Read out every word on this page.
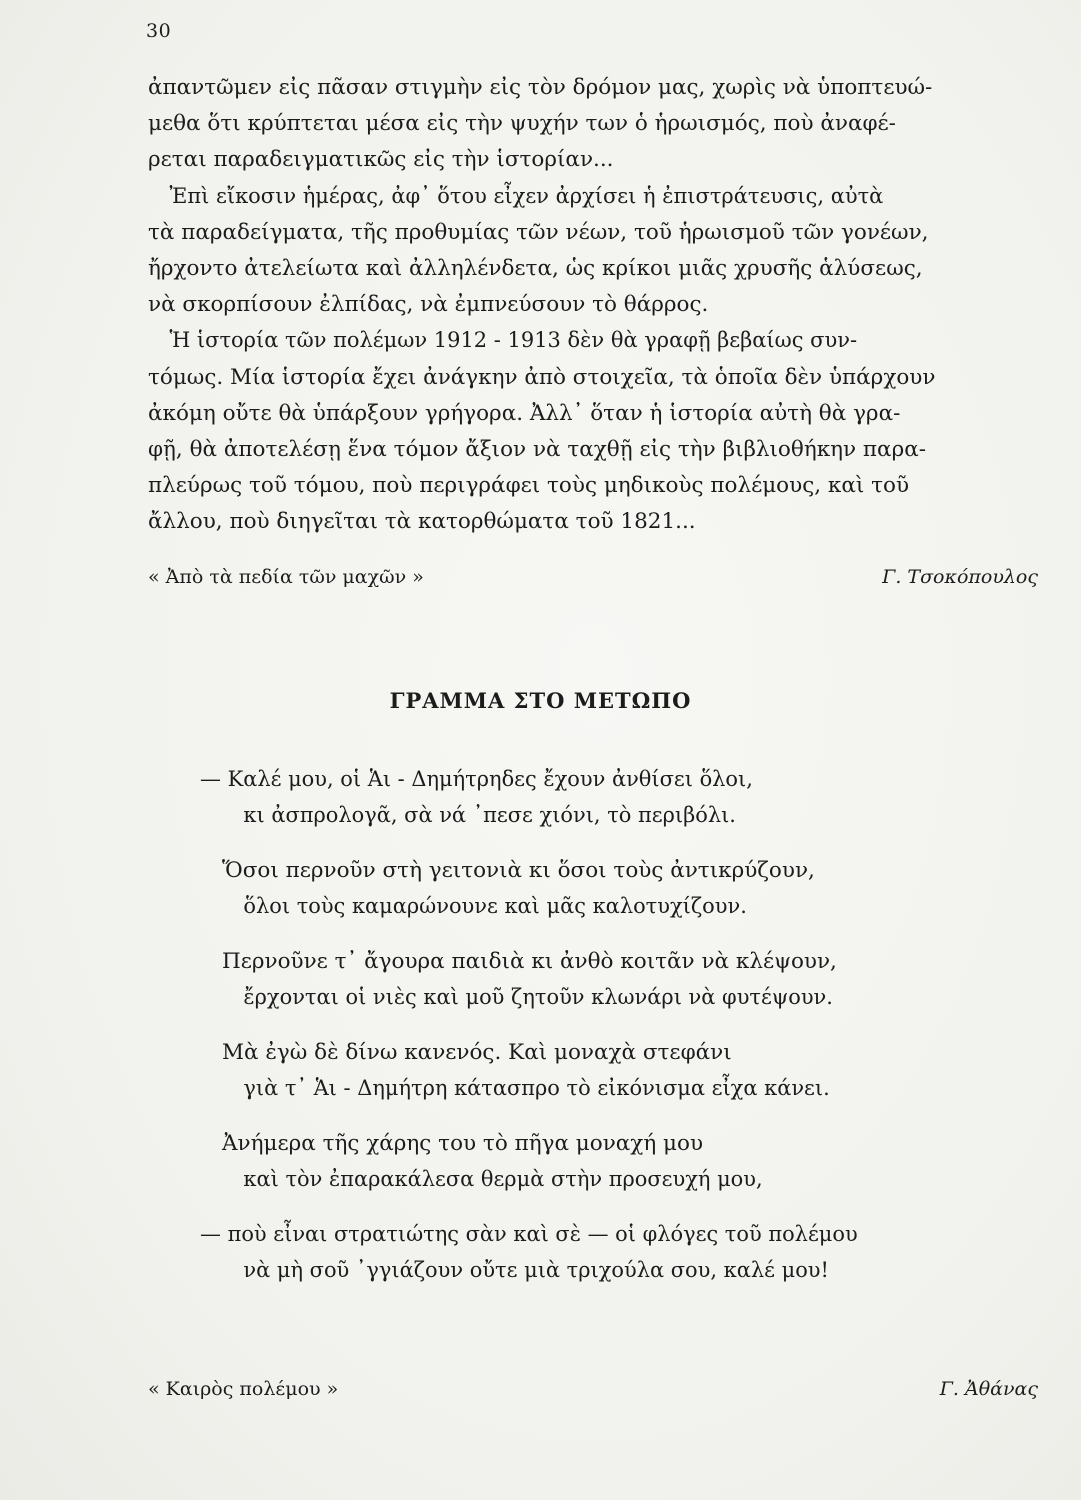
30
ἀπαντῶμεν εἰς πᾶσαν στιγμὴν εἰς τὸν δρόμον μας, χωρὶς νὰ ὑποπτευώ-
μεθα ὅτι κρύπτεται μέσα εἰς τὴν ψυχήν των ὁ ἡρωισμός, ποὺ ἀναφέ-
ρεται παραδειγματικῶς εἰς τὴν ἱστορίαν...
Ἐπὶ εἴκοσιν ἡμέρας, ἀφ᾽ ὅτου εἶχεν ἀρχίσει ἡ ἐπιστράτευσις, αὐτὰ
τὰ παραδείγματα, τῆς προθυμίας τῶν νέων, τοῦ ἡρωισμοῦ τῶν γονέων,
ἤρχοντο ἀτελείωτα καὶ ἀλληλένδετα, ὡς κρίκοι μιᾶς χρυσῆς ἁλύσεως,
νὰ σκορπίσουν ἐλπίδας, νὰ ἐμπνεύσουν τὸ θάρρος.
Ἡ ἱστορία τῶν πολέμων 1912 - 1913 δὲν θὰ γραφῇ βεβαίως συν-
τόμως. Μία ἱστορία ἔχει ἀνάγκην ἀπὸ στοιχεῖα, τὰ ὁποῖα δὲν ὑπάρχουν
ἀκόμη οὔτε θὰ ὑπάρξουν γρήγορα. Ἀλλ᾽ ὅταν ἡ ἱστορία αὐτὴ θὰ γρα-
φῇ, θὰ ἀποτελέσῃ ἕνα τόμον ἄξιον νὰ ταχθῇ εἰς τὴν βιβλιοθήκην παρα-
πλεύρως τοῦ τόμου, ποὺ περιγράφει τοὺς μηδικοὺς πολέμους, καὶ τοῦ
ἄλλου, ποὺ διηγεῖται τὰ κατορθώματα τοῦ 1821...
« Ἀπὸ τὰ πεδία τῶν μαχῶν »	Γ. Τσοκόπουλος
ΓΡΑΜΜΑ ΣΤΟ ΜΕΤΩΠΟ
— Καλέ μου, οἱ Ἁι - Δημήτρηδες ἔχουν ἀνθίσει ὅλοι,
κι ἀσπρολογᾶ, σὰ νά ᾽πεσε χιόνι, τὸ περιβόλι.
Ὅσοι περνοῦν στὴ γειτονιὰ κι ὅσοι τοὺς ἀντικρύζουν,
ὅλοι τοὺς καμαρώνουνε καὶ μᾶς καλοτυχίζουν.
Περνοῦνε τ᾽ ἄγουρα παιδιὰ κι ἀνθὸ κοιτᾶν νὰ κλέψουν,
ἔρχονται οἱ νιὲς καὶ μοῦ ζητοῦν κλωνάρι νὰ φυτέψουν.
Μὰ ἐγὼ δὲ δίνω κανενός. Καὶ μοναχὰ στεφάνι
γιὰ τ᾽ Ἁι - Δημήτρη κάτασπρο τὸ εἰκόνισμα εἶχα κάνει.
Ἀνήμερα τῆς χάρης του τὸ πῆγα μοναχή μου
καὶ τὸν ἐπαρακάλεσα θερμὰ στὴν προσευχή μου,
— ποὺ εἶναι στρατιώτης σὰν καὶ σὲ — οἱ φλόγες τοῦ πολέμου
νὰ μὴ σοῦ ᾽γγιάζουν οὔτε μιὰ τριχούλα σου, καλέ μου!
« Καιρὸς πολέμου »	Γ. Ἀθάνας
